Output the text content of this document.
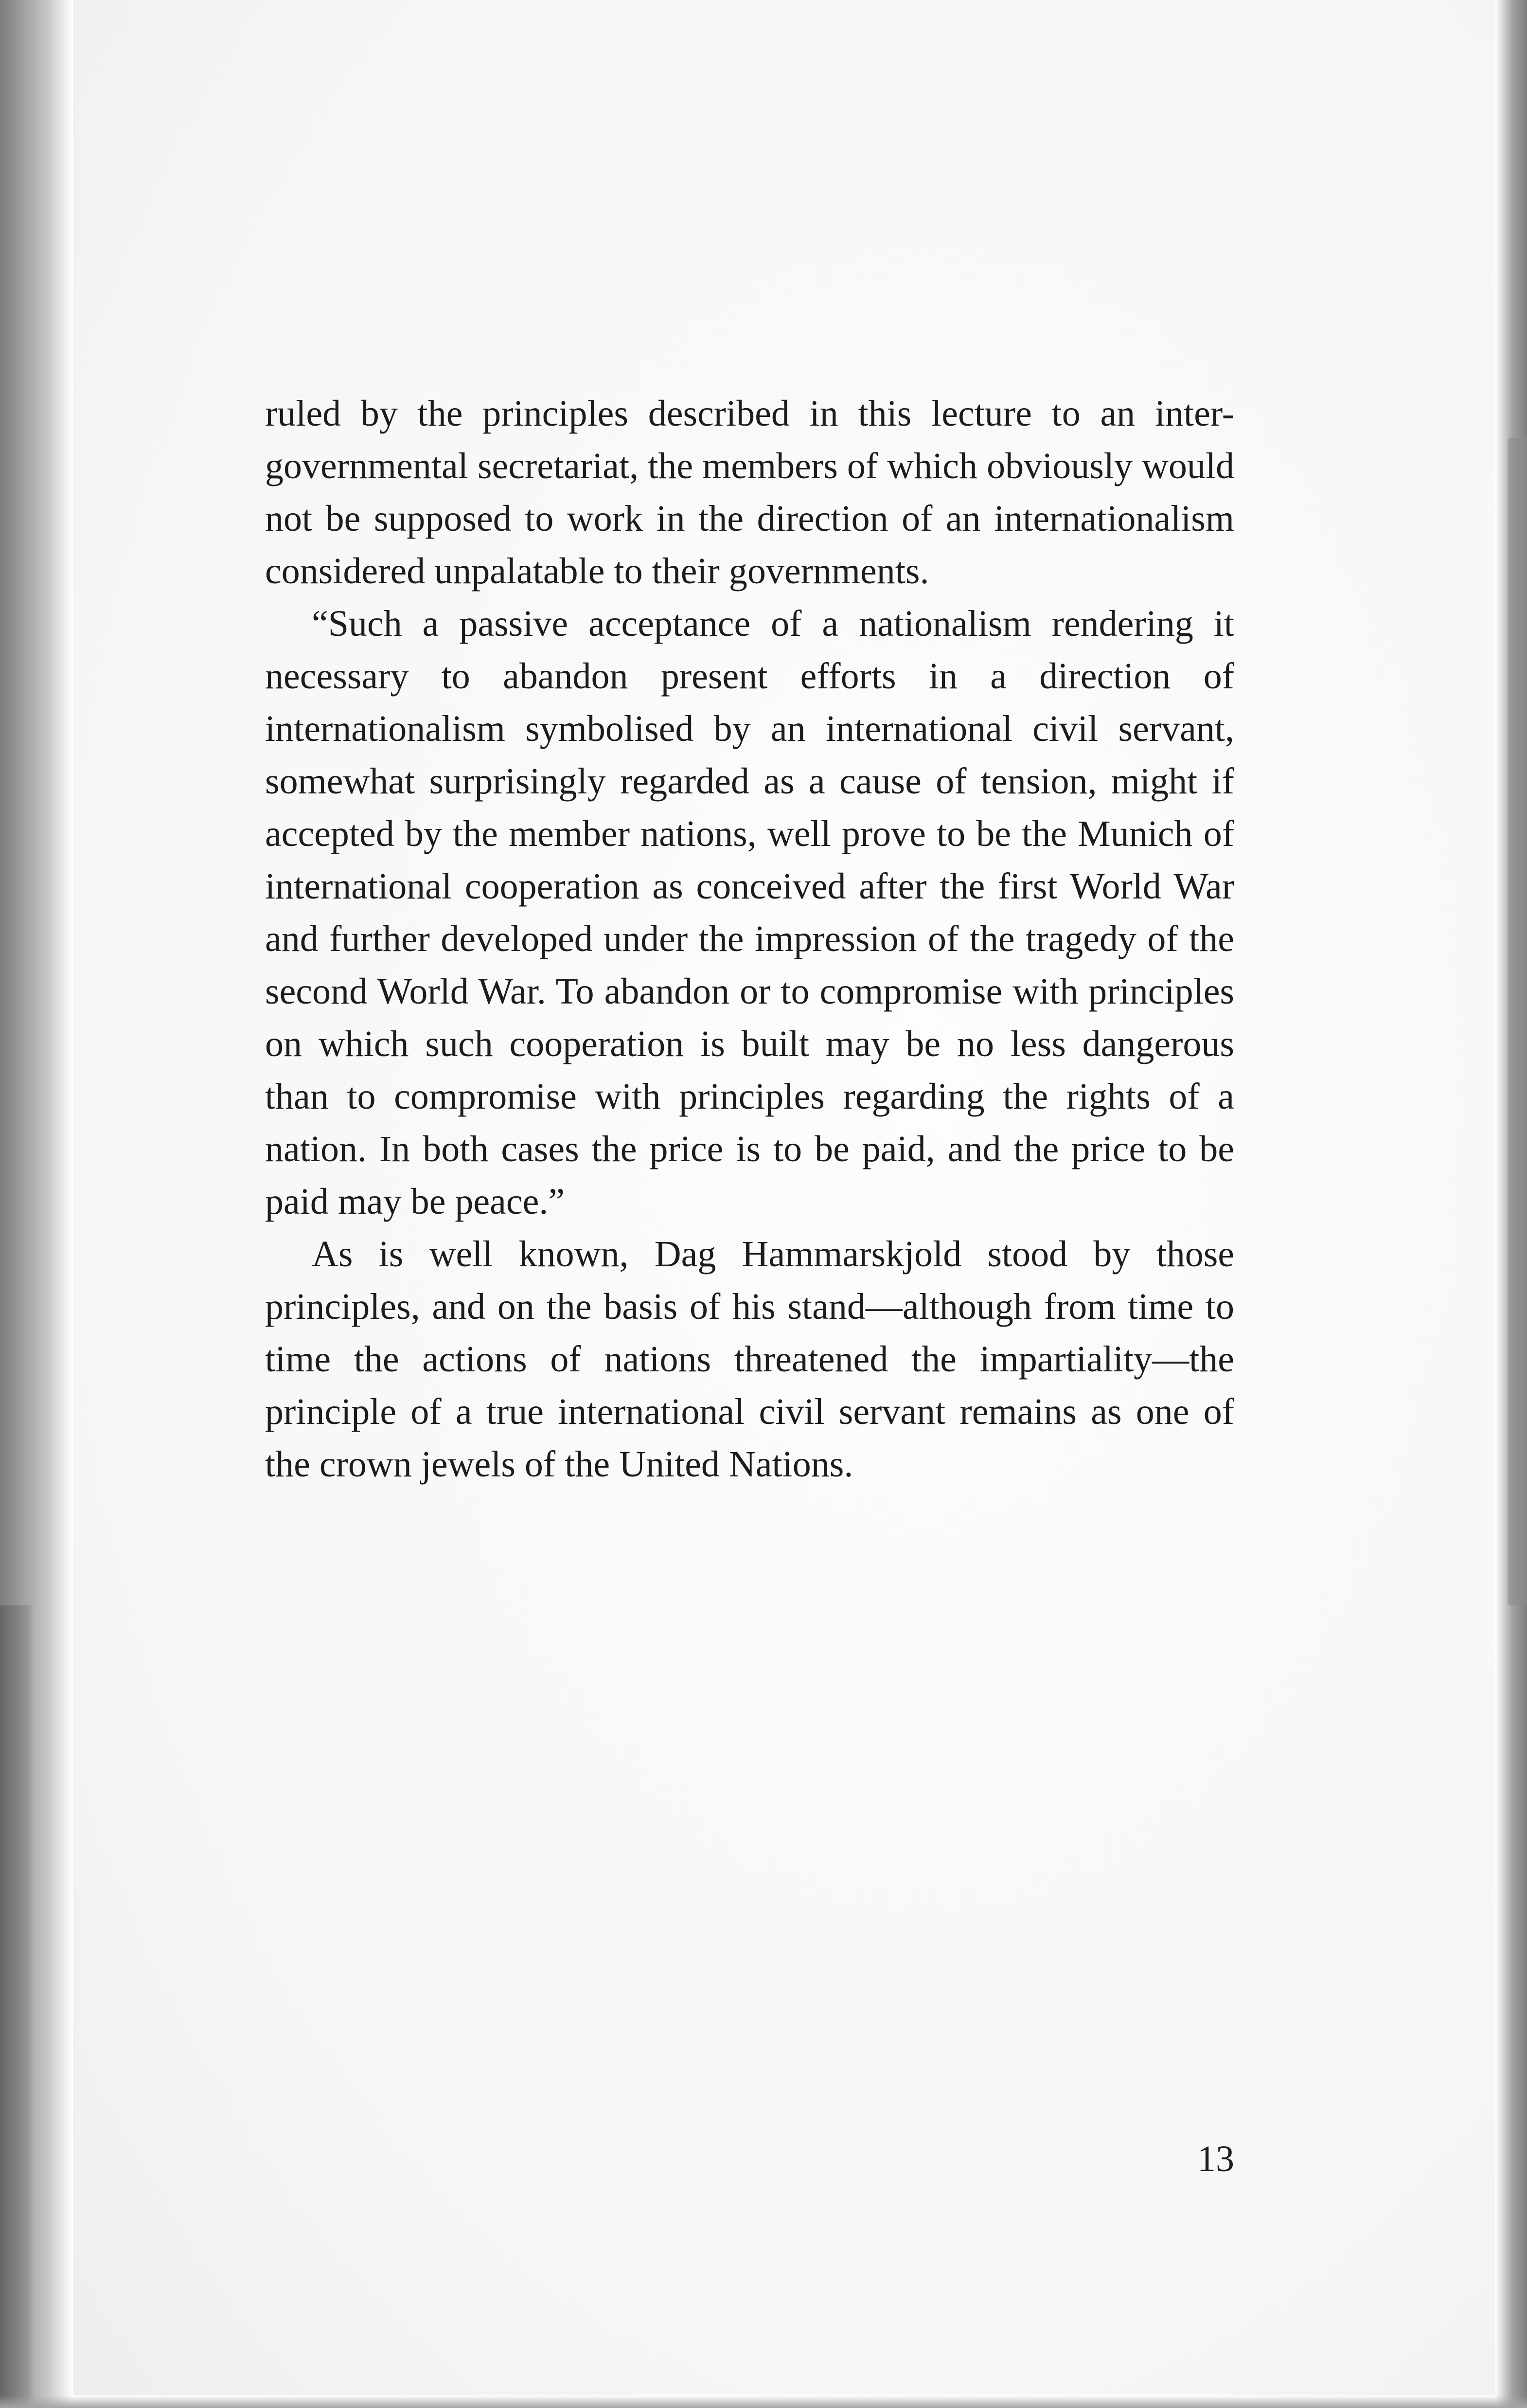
ruled by the principles described in this lecture to an inter-governmental secretariat, the members of which obviously would not be supposed to work in the direction of an internationalism considered unpalatable to their governments.

“Such a passive acceptance of a nationalism rendering it necessary to abandon present efforts in a direction of internationalism symbolised by an international civil servant, somewhat surprisingly regarded as a cause of tension, might if accepted by the member nations, well prove to be the Munich of international cooperation as conceived after the first World War and further developed under the impression of the tragedy of the second World War. To abandon or to compromise with principles on which such cooperation is built may be no less dangerous than to compromise with principles regarding the rights of a nation. In both cases the price is to be paid, and the price to be paid may be peace.”

As is well known, Dag Hammarskjold stood by those principles, and on the basis of his stand—although from time to time the actions of nations threatened the impartiality—the principle of a true international civil servant remains as one of the crown jewels of the United Nations.

13
